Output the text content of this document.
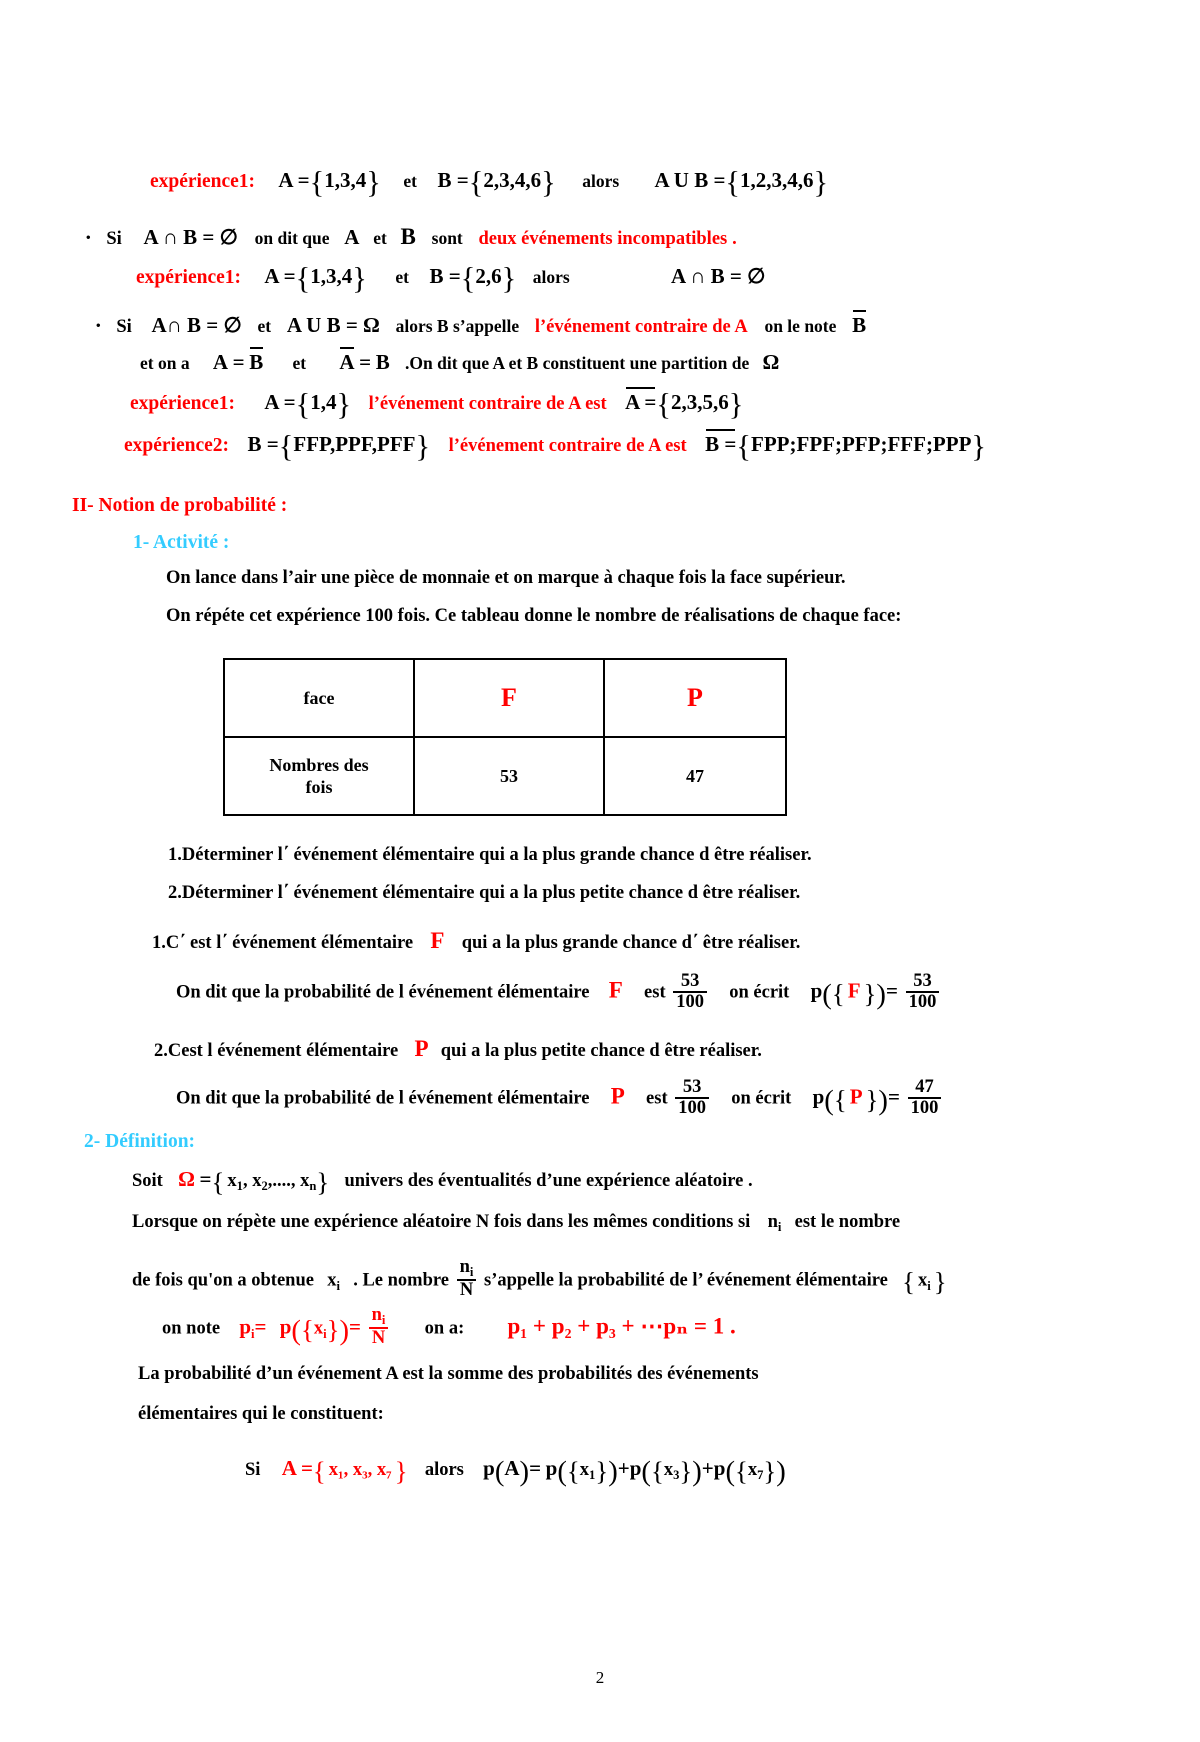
expérience1: A ={1,3,4} et B ={2,3,4,6} alors A U B ={1,2,3,4,6}
• Si A ∩ B = ∅ on dit que A et B sont deux événements incompatibles .
expérience1: A ={1,3,4} et B ={2,6} alors	A ∩ B = ∅
• Si A∩ B = ∅ et A U B = Ω alors B s’appelle l’événement contraire de A on le note B
et on a A = B et A = B .On dit que A et B constituent une partition de Ω
expérience1: A ={1,4} l’événement contraire de A est A ={2,3,5,6}
expérience2: B ={FFP,PPF,PFF} l’événement contraire de A est B ={FPP;FPF;PFP;FFF;PPP}
II- Notion de probabilité :
1- Activité :
On lance dans l’air une pièce de monnaie et on marque à chaque fois la face supérieur.
On répéte cet expérience 100 fois. Ce tableau donne le nombre de réalisations de chaque face:
face	F	P
Nombres des
fois	53	47
1.Déterminer l΄ événement élémentaire qui a la plus grande chance d être réaliser.
2.Déterminer l΄ événement élémentaire qui a la plus petite chance d être réaliser.
1.C΄ est l΄ événement élémentaire F qui a la plus grande chance d΄ être réaliser.
On dit que la probabilité de l événement élémentaire F est $\frac{53}{100}$ on écrit p({ F })= $\frac{53}{100}$
2.Cest l événement élémentaire P qui a la plus petite chance d être réaliser.
On dit que la probabilité de l événement élémentaire P est $\frac{53}{100}$ on écrit p({ P })= $\frac{47}{100}$
2- Définition:
Soit Ω ={ $x_1$, $x_2$,...., $x_n$} univers des éventualités d’une expérience aléatoire .
Lorsque on répète une expérience aléatoire N fois dans les mêmes conditions si $n_i$ est le nombre
de fois qu'on a obtenue $x_i$ . Le nombre $\frac{n_i}{N}$ s’appelle la probabilité de l’ événement élémentaire { $x_i$ }
on note $p_i= p(\{x_i\})= \frac{n_i}{N}$ on a: p₁ + p₂ + p₃ + ⋯pₙ = 1 .
La probabilité d’un événement A est la somme des probabilités des événements
élémentaires qui le constituent:
Si A ={ x₁, x₃, x₇ } alors $p(A)= p(\{x_1\})+p(\{x_3\})+p(\{x_7\})$
2
